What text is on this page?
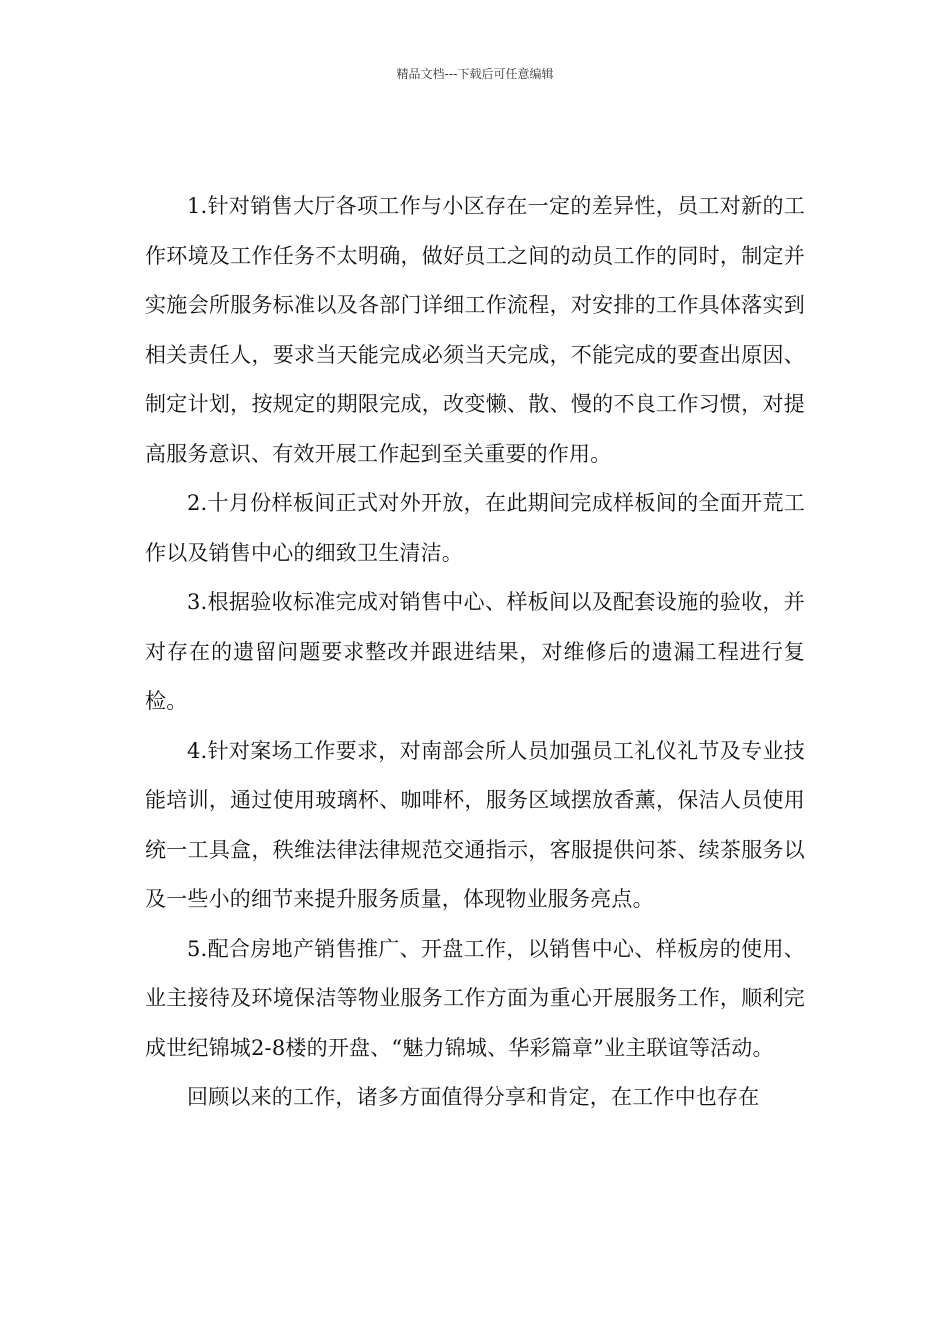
精品文档---下载后可任意编辑

1.针对销售大厅各项工作与小区存在一定的差异性，员工对新的工作环境及工作任务不太明确，做好员工之间的动员工作的同时，制定并实施会所服务标准以及各部门详细工作流程，对安排的工作具体落实到相关责任人，要求当天能完成必须当天完成，不能完成的要查出原因、制定计划，按规定的期限完成，改变懒、散、慢的不良工作习惯，对提高服务意识、有效开展工作起到至关重要的作用。

2.十月份样板间正式对外开放，在此期间完成样板间的全面开荒工作以及销售中心的细致卫生清洁。

3.根据验收标准完成对销售中心、样板间以及配套设施的验收，并对存在的遗留问题要求整改并跟进结果，对维修后的遗漏工程进行复检。

4.针对案场工作要求，对南部会所人员加强员工礼仪礼节及专业技能培训，通过使用玻璃杯、咖啡杯，服务区域摆放香薰，保洁人员使用统一工具盒，秩维法律法律规范交通指示，客服提供问茶、续茶服务以及一些小的细节来提升服务质量，体现物业服务亮点。

5.配合房地产销售推广、开盘工作，以销售中心、样板房的使用、业主接待及环境保洁等物业服务工作方面为重心开展服务工作，顺利完成世纪锦城2-8楼的开盘、“魅力锦城、华彩篇章”业主联谊等活动。

回顾以来的工作，诸多方面值得分享和肯定，在工作中也存在
